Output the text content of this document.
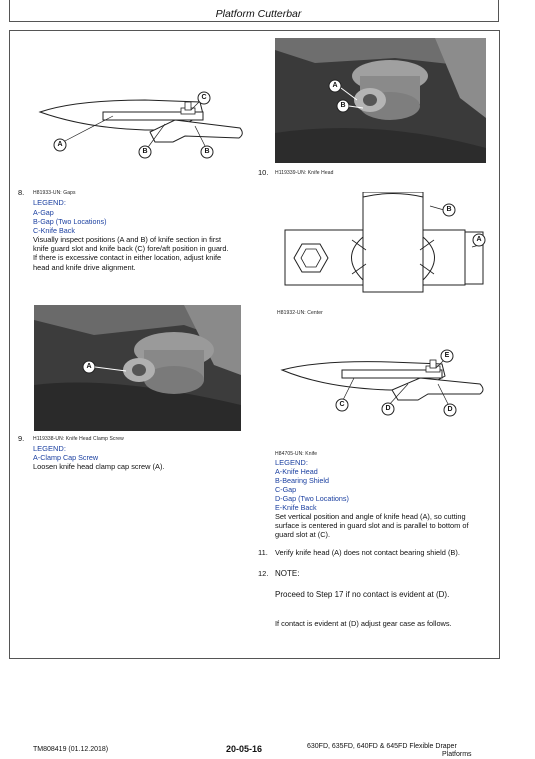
Platform Cutterbar
A
B	B
C
8. H81933-UN: Gaps
LEGEND:
A-Gap
B-Gap (Two Locations)
C-Knife Back
Visually inspect positions (A and B) of knife section in first
knife guard slot and knife back (C) fore/aft position in guard.
If there is excessive contact in either location, adjust knife
head and knife drive alignment.
A
9. H119338-UN: Knife Head Clamp Screw
LEGEND:
A-Clamp Cap Screw
Loosen knife head clamp cap screw (A).
A
B
10. H119339-UN: Knife Head
B
A
H81932-UN: Center
E
C
D	D
H84705-UN: Knife
LEGEND:
A-Knife Head
B-Bearing Shield
C-Gap
D-Gap (Two Locations)
E-Knife Back
Set vertical position and angle of knife head (A), so cutting
surface is centered in guard slot and is parallel to bottom of
guard slot at (C).
11. Verify knife head (A) does not contact bearing shield (B).
12. NOTE:
Proceed to Step 17 if no contact is evident at (D).
If contact is evident at (D) adjust gear case as follows.
TM808419 (01.12.2018)	20-05-16	630FD, 635FD, 640FD & 645FD Flexible Draper
Platforms
